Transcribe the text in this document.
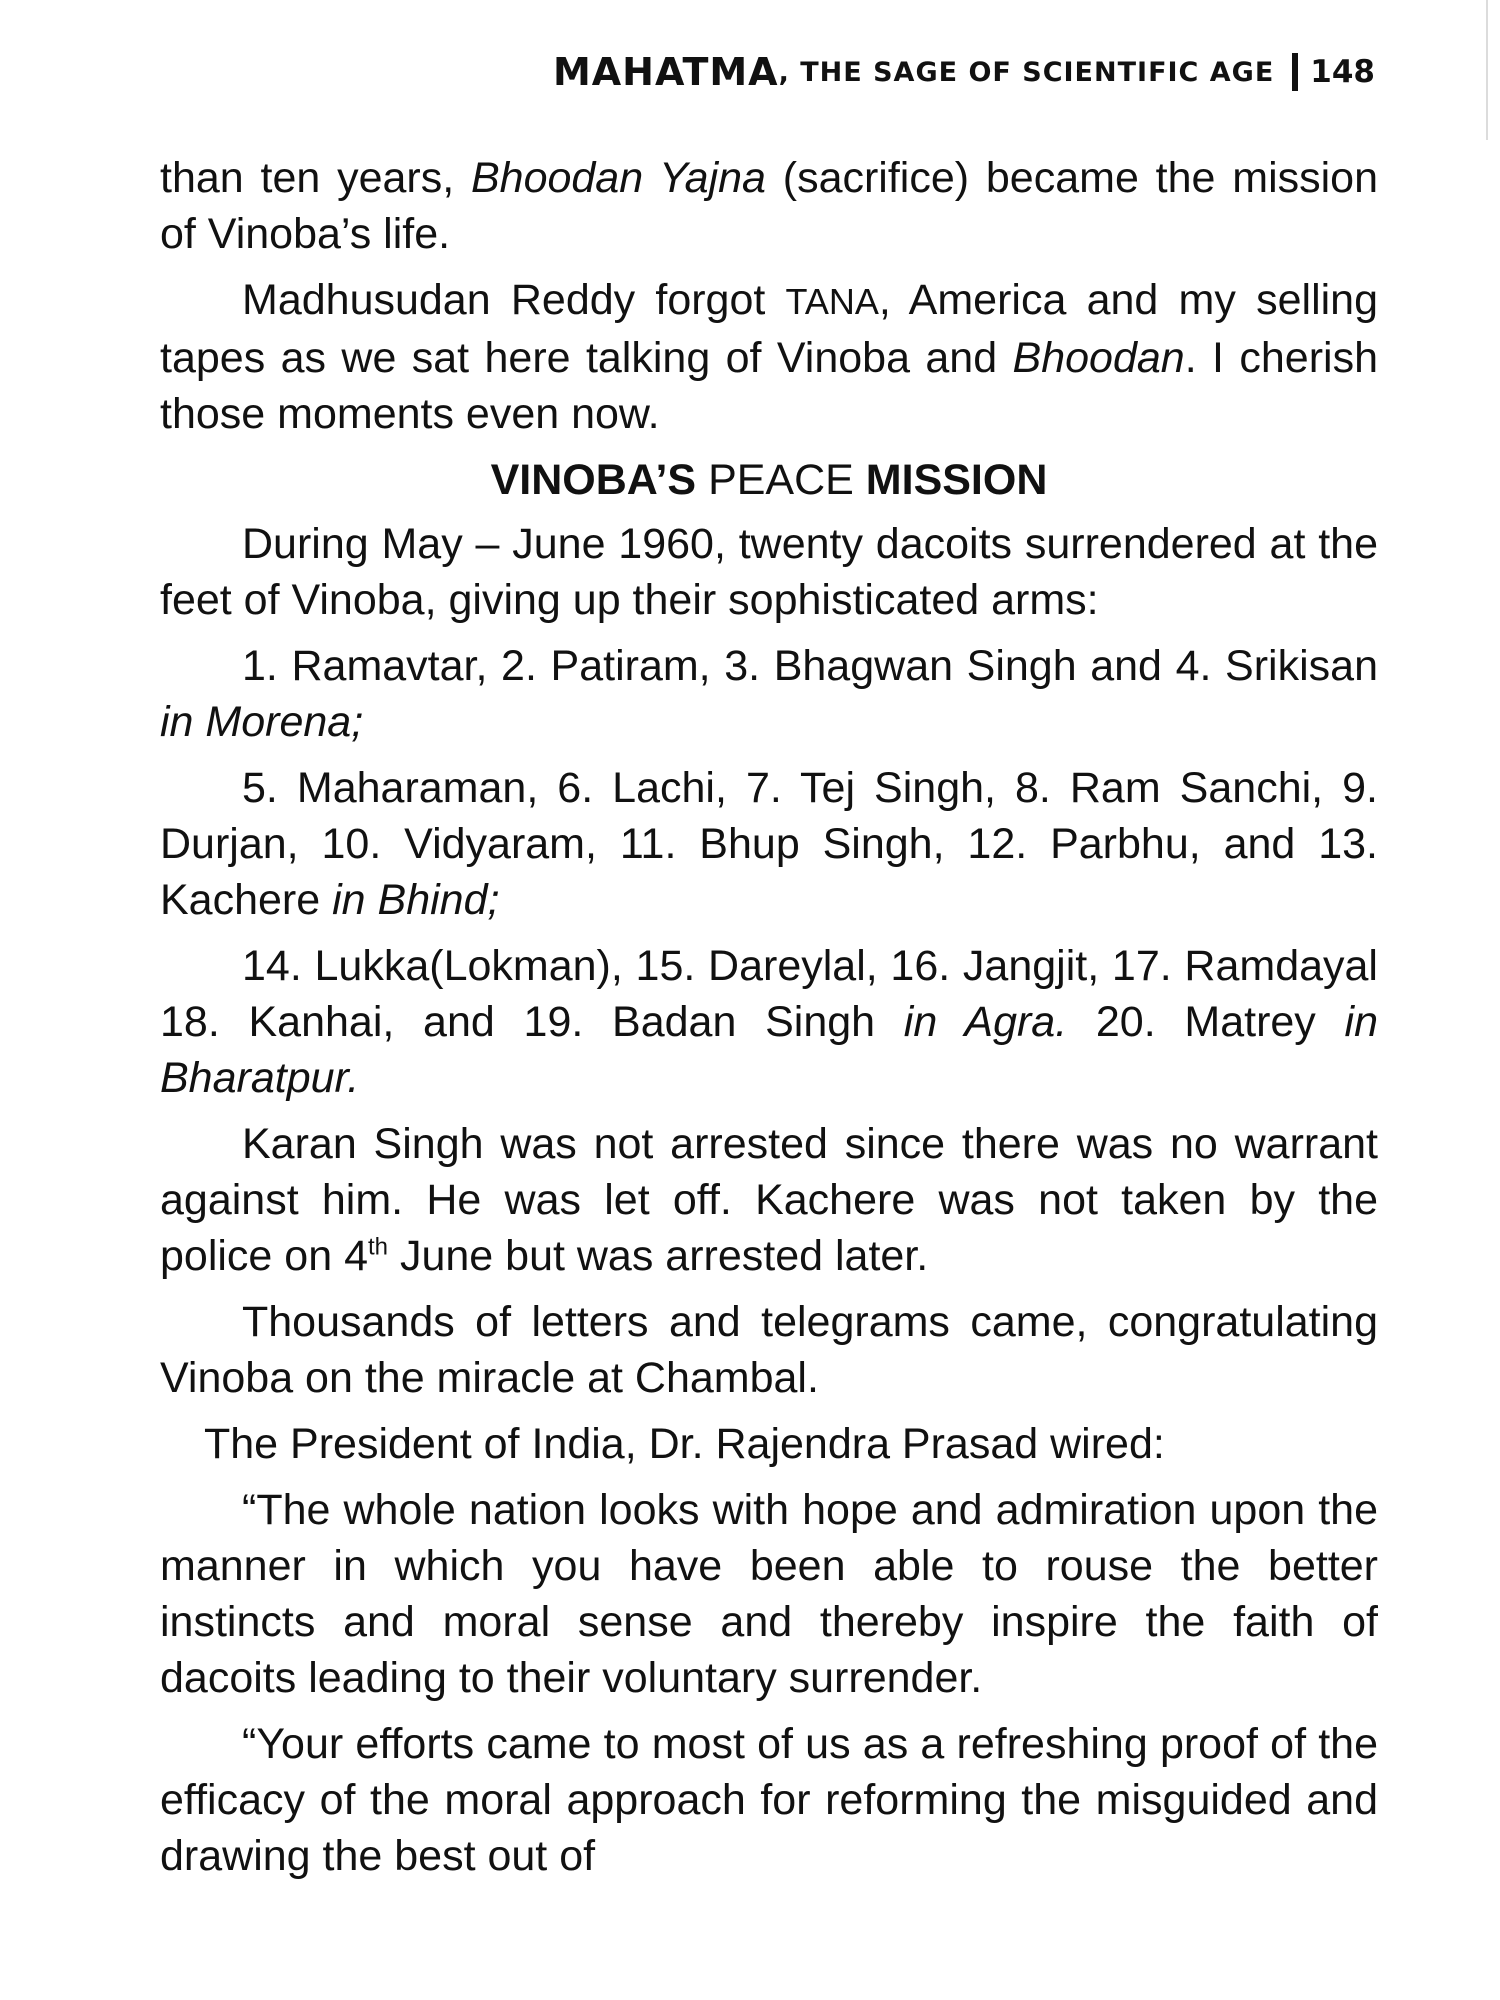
MAHATMA , THE SAGE OF SCIENTIFIC AGE 148

than ten years, Bhoodan Yajna (sacrifice) became the mission of Vinoba’s life.

Madhusudan Reddy forgot TANA, America and my selling tapes as we sat here talking of Vinoba and Bhoodan. I cherish those moments even now.

VINOBA’S PEACE MISSION

During May – June 1960, twenty dacoits surrendered at the feet of Vinoba, giving up their sophisticated arms:

1. Ramavtar, 2. Patiram, 3. Bhagwan Singh and 4. Srikisan in Morena;

5. Maharaman, 6. Lachi, 7. Tej Singh, 8. Ram Sanchi, 9. Durjan, 10. Vidyaram, 11. Bhup Singh, 12. Parbhu, and 13. Kachere in Bhind;

14. Lukka(Lokman), 15. Dareylal, 16. Jangjit, 17. Ramdayal 18. Kanhai, and 19. Badan Singh in Agra. 20. Matrey in Bharatpur.

Karan Singh was not arrested since there was no warrant against him. He was let off. Kachere was not taken by the police on 4th June but was arrested later.

Thousands of letters and telegrams came, congratulating Vinoba on the miracle at Chambal.

The President of India, Dr. Rajendra Prasad wired:

“The whole nation looks with hope and admiration upon the manner in which you have been able to rouse the better instincts and moral sense and thereby inspire the faith of dacoits leading to their voluntary surrender.

“Your efforts came to most of us as a refreshing proof of the efficacy of the moral approach for reforming the misguided and drawing the best out of
